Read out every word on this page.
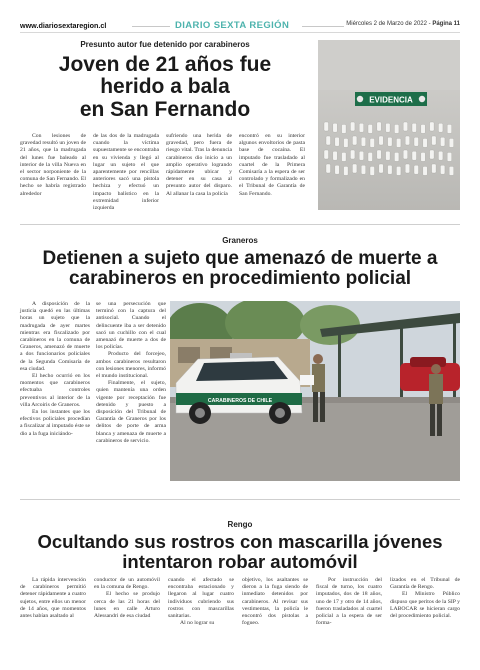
www.diariosextaregion.cl	DIARIO SEXTA REGIÓN	Miércoles 2 de Marzo de 2022 - Página 11
Presunto autor fue detenido por carabineros
Joven de 21 años fue
herido a bala
en San Fernando	EVIDENCIA

Con lesiones de gravedad resultó un joven de 21 años, que la madrugada del lunes fue baleado al interior de la villa Nueva en el sector norponiente de la comuna de San Fernando. El hecho se habría registrado alrededor

de las dos de la madrugada cuando la víctima supuestamente se encontraba en su vivienda y llegó al lugar un sujeto el que aparentemente por rencillas anteriores sacó una pistola hechiza y efectuó un impacto balístico en la extremidad inferior izquierda

sufriendo una herida de gravedad, pero fuera de riesgo vital. Tras la denuncia carabineros dio inicio a un amplio operativo logrando rápidamente ubicar y detener en su casa al presunto autor del disparo. Al allanar la casa la policía

encontró en su interior algunos envoltorios de pasta base de cocaína. El imputado fue trasladado al cuartel de la Primera Comisaría a la espera de ser controlado y formalizado en el Tribunal de Garantía de San Fernando.

Graneros
Detienen a sujeto que amenazó de muerte a
carabineros en procedimiento policial

A disposición de la justicia quedó en las últimas horas un sujeto que la madrugada de ayer martes mientras era fiscalizado por carabineros en la comuna de Graneros, amenazó de muerte a dos funcionarios policiales de la Segunda Comisaría de esa ciudad.

El hecho ocurrió en los momentos que carabineros efectuaba controles preventivos al interior de la villa Arcoiris de Graneros.

En los instantes que los efectivos policiales procedían a fiscalizar al imputado éste se dio a la fuga iniciándo-

se una persecución que terminó con la captura del antisocial. Cuando el delincuente iba a ser detenido sacó un cuchillo con el cual amenazó de muerte a dos de los policías.

Producto del forcejeo, ambos carabineros resultaron con lesiones menores, informó el mundo institucional.

Finalmente, el sujeto, quien mantenía una orden vigente por receptación fue detenido y puesto a disposición del Tribunal de Garantía de Graneros por los delitos de porte de arma blanca y amenaza de muerte a carabineros de servicio.

CARABINEROS DE CHILE
Rengo
Ocultando sus rostros con mascarilla jóvenes
intentaron robar automóvil

La rápida intervención de carabineros permitió detener rápidamente a cuatro sujetos, entre ellos un menor de 14 años, que momentos antes habían asaltado al

conductor de un automóvil en la comuna de Rengo.

El hecho se produjo cerca de las 21 horas del lunes en calle Arturo Alessandri de esa ciudad

cuando el afectado se encontraba estacionado y llegaron al lugar cuatro individuos cubriendo sus rostros con mascarillas sanitarias.

Al no lograr su

objetivo, los asaltantes se dieron a la fuga siendo de inmediato detenidos por carabineros. Al revisar sus vestimentas, la policía le encontró dos pistolas a fogueo.

Por instrucción del fiscal de turno, los cuatro imputados, dos de 18 años, uno de 17 y otro de 14 años, fueron trasladados al cuartel policial a la espera de ser forma-

lizados en el Tribunal de Garantía de Rengo.

El Ministro Público dispuso que peritos de la SIP y LABOCAR se hicieran cargo del procedimiento policial.
